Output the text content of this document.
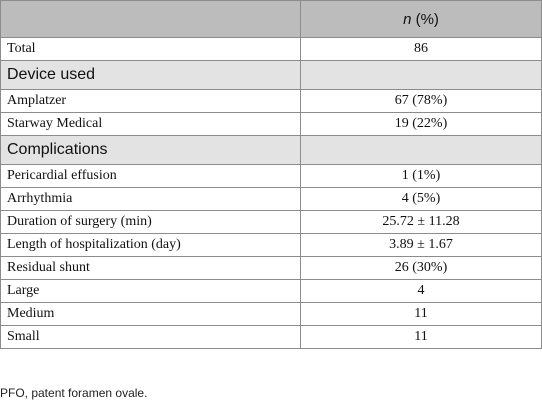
	n (%)
Total	86
Device used	
Amplatzer	67 (78%)
Starway Medical	19 (22%)
Complications	
Pericardial effusion	1 (1%)
Arrhythmia	4 (5%)
Duration of surgery (min)	25.72 ± 11.28
Length of hospitalization (day)	3.89 ± 1.67
Residual shunt	26 (30%)
Large	4
Medium	11
Small	11
PFO, patent foramen ovale.
